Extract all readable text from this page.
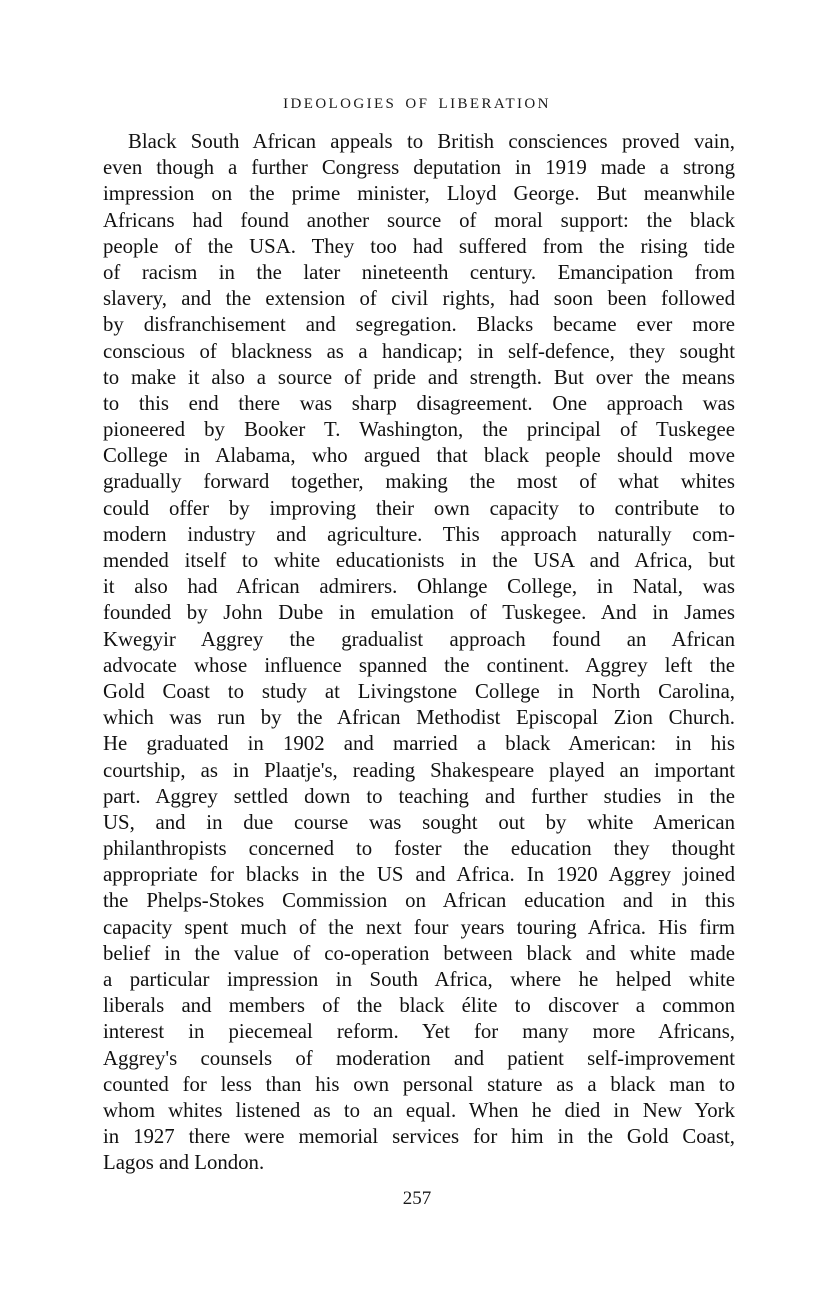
IDEOLOGIES OF LIBERATION
Black South African appeals to British consciences proved vain,
even though a further Congress deputation in 1919 made a strong
impression on the prime minister, Lloyd George. But meanwhile
Africans had found another source of moral support: the black
people of the USA. They too had suffered from the rising tide
of racism in the later nineteenth century. Emancipation from
slavery, and the extension of civil rights, had soon been followed
by disfranchisement and segregation. Blacks became ever more
conscious of blackness as a handicap; in self-defence, they sought
to make it also a source of pride and strength. But over the means
to this end there was sharp disagreement. One approach was
pioneered by Booker T. Washington, the principal of Tuskegee
College in Alabama, who argued that black people should move
gradually forward together, making the most of what whites
could offer by improving their own capacity to contribute to
modern industry and agriculture. This approach naturally com-
mended itself to white educationists in the USA and Africa, but
it also had African admirers. Ohlange College, in Natal, was
founded by John Dube in emulation of Tuskegee. And in James
Kwegyir Aggrey the gradualist approach found an African
advocate whose influence spanned the continent. Aggrey left the
Gold Coast to study at Livingstone College in North Carolina,
which was run by the African Methodist Episcopal Zion Church.
He graduated in 1902 and married a black American: in his
courtship, as in Plaatje's, reading Shakespeare played an important
part. Aggrey settled down to teaching and further studies in the
US, and in due course was sought out by white American
philanthropists concerned to foster the education they thought
appropriate for blacks in the US and Africa. In 1920 Aggrey joined
the Phelps-Stokes Commission on African education and in this
capacity spent much of the next four years touring Africa. His firm
belief in the value of co-operation between black and white made
a particular impression in South Africa, where he helped white
liberals and members of the black élite to discover a common
interest in piecemeal reform. Yet for many more Africans,
Aggrey's counsels of moderation and patient self-improvement
counted for less than his own personal stature as a black man to
whom whites listened as to an equal. When he died in New York
in 1927 there were memorial services for him in the Gold Coast,
Lagos and London.
257
